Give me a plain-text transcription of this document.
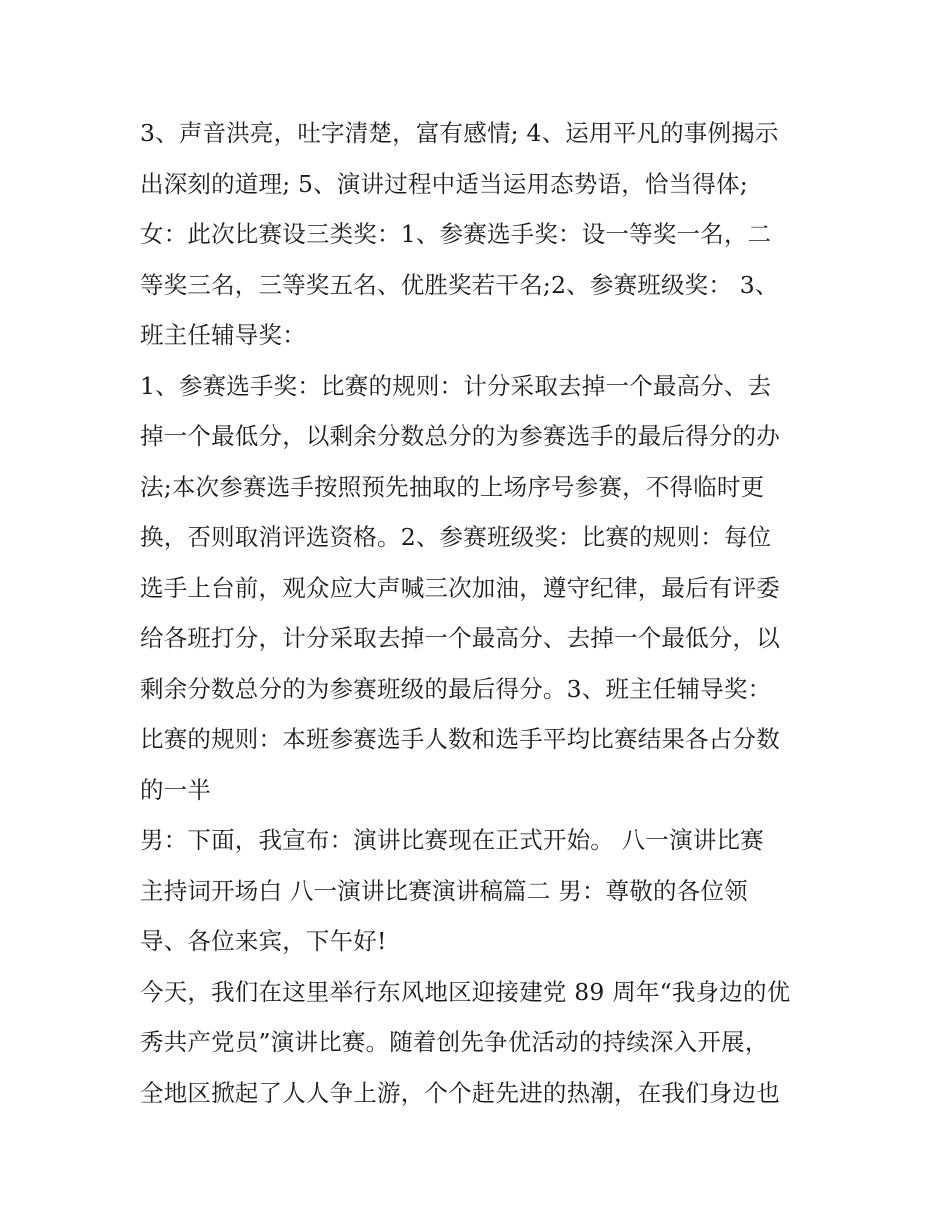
3、声音洪亮，吐字清楚，富有感情; 4、运用平凡的事例揭示
出深刻的道理; 5、演讲过程中适当运用态势语，恰当得体;
女：此次比赛设三类奖：1、参赛选手奖：设一等奖一名，二
等奖三名，三等奖五名、优胜奖若干名;2、参赛班级奖： 3、
班主任辅导奖：
1、参赛选手奖：比赛的规则：计分采取去掉一个最高分、去
掉一个最低分，以剩余分数总分的为参赛选手的最后得分的办
法;本次参赛选手按照预先抽取的上场序号参赛，不得临时更
换，否则取消评选资格。2、参赛班级奖：比赛的规则：每位
选手上台前，观众应大声喊三次加油，遵守纪律，最后有评委
给各班打分，计分采取去掉一个最高分、去掉一个最低分，以
剩余分数总分的为参赛班级的最后得分。3、班主任辅导奖：
比赛的规则：本班参赛选手人数和选手平均比赛结果各占分数
的一半
男：下面，我宣布：演讲比赛现在正式开始。 八一演讲比赛
主持词开场白 八一演讲比赛演讲稿篇二 男：尊敬的各位领
导、各位来宾，下午好!
今天，我们在这里举行东风地区迎接建党 89 周年“我身边的优
秀共产党员”演讲比赛。随着创先争优活动的持续深入开展，
全地区掀起了人人争上游，个个赶先进的热潮，在我们身边也
